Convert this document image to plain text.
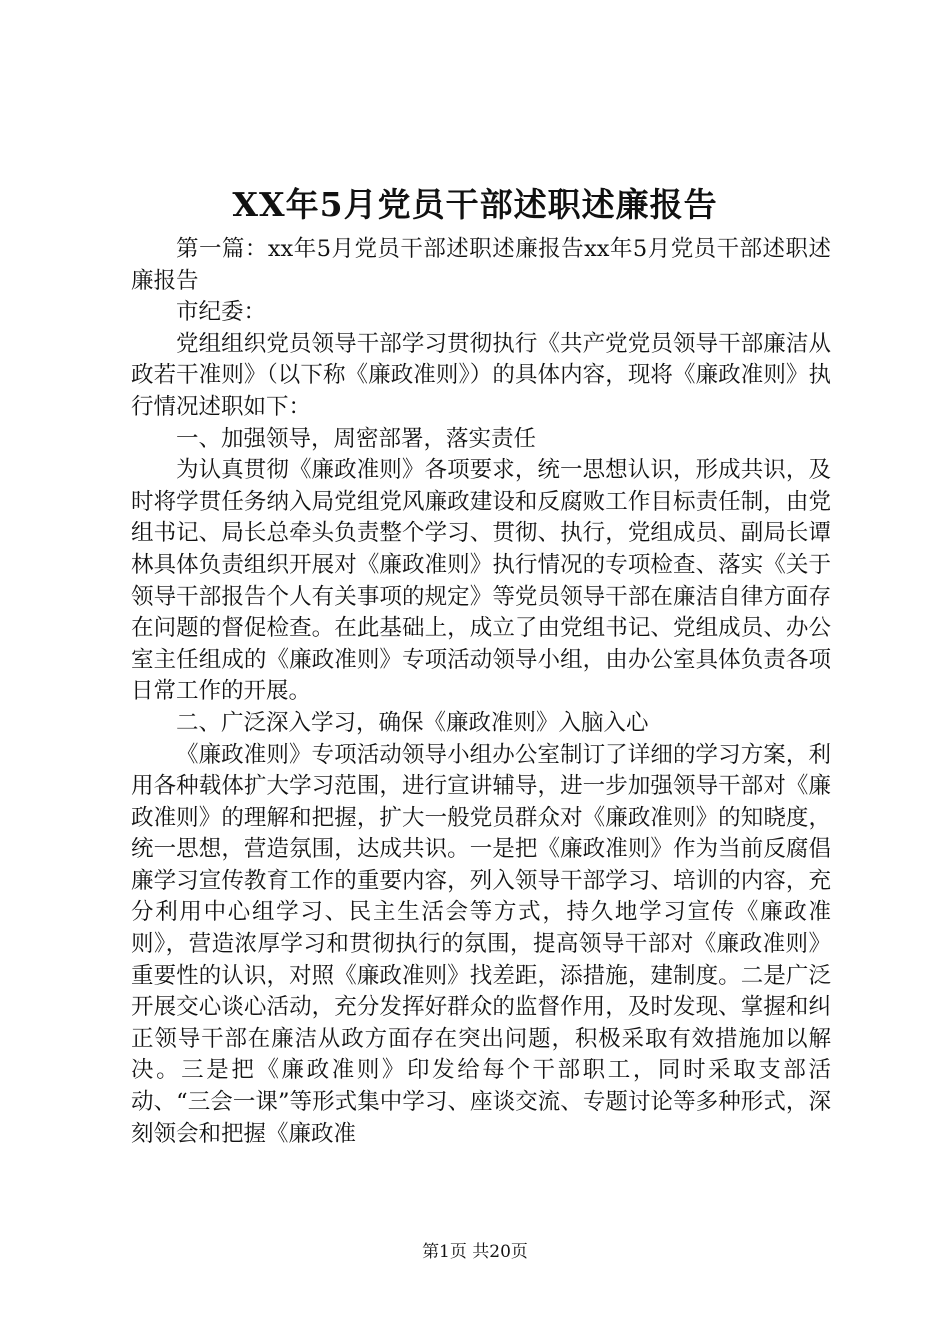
XX年5月党员干部述职述廉报告

第一篇：xx年5月党员干部述职述廉报告xx年5月党员干部述职述廉报告

市纪委：

党组组织党员领导干部学习贯彻执行《共产党党员领导干部廉洁从政若干准则》（以下称《廉政准则》）的具体内容，现将《廉政准则》执行情况述职如下：

一、加强领导，周密部署，落实责任

为认真贯彻《廉政准则》各项要求，统一思想认识，形成共识，及时将学贯任务纳入局党组党风廉政建设和反腐败工作目标责任制，由党组书记、局长总牵头负责整个学习、贯彻、执行，党组成员、副局长谭林具体负责组织开展对《廉政准则》执行情况的专项检查、落实《关于领导干部报告个人有关事项的规定》等党员领导干部在廉洁自律方面存在问题的督促检查。在此基础上，成立了由党组书记、党组成员、办公室主任组成的《廉政准则》专项活动领导小组，由办公室具体负责各项日常工作的开展。

二、广泛深入学习，确保《廉政准则》入脑入心

《廉政准则》专项活动领导小组办公室制订了详细的学习方案，利用各种载体扩大学习范围，进行宣讲辅导，进一步加强领导干部对《廉政准则》的理解和把握，扩大一般党员群众对《廉政准则》的知晓度，统一思想，营造氛围，达成共识。一是把《廉政准则》作为当前反腐倡廉学习宣传教育工作的重要内容，列入领导干部学习、培训的内容，充分利用中心组学习、民主生活会等方式，持久地学习宣传《廉政准则》，营造浓厚学习和贯彻执行的氛围，提高领导干部对《廉政准则》重要性的认识，对照《廉政准则》找差距，添措施，建制度。二是广泛开展交心谈心活动，充分发挥好群众的监督作用，及时发现、掌握和纠正领导干部在廉洁从政方面存在突出问题，积极采取有效措施加以解决。三是把《廉政准则》印发给每个干部职工，同时采取支部活动、“三会一课”等形式集中学习、座谈交流、专题讨论等多种形式，深刻领会和把握《廉政准

第1页 共20页
